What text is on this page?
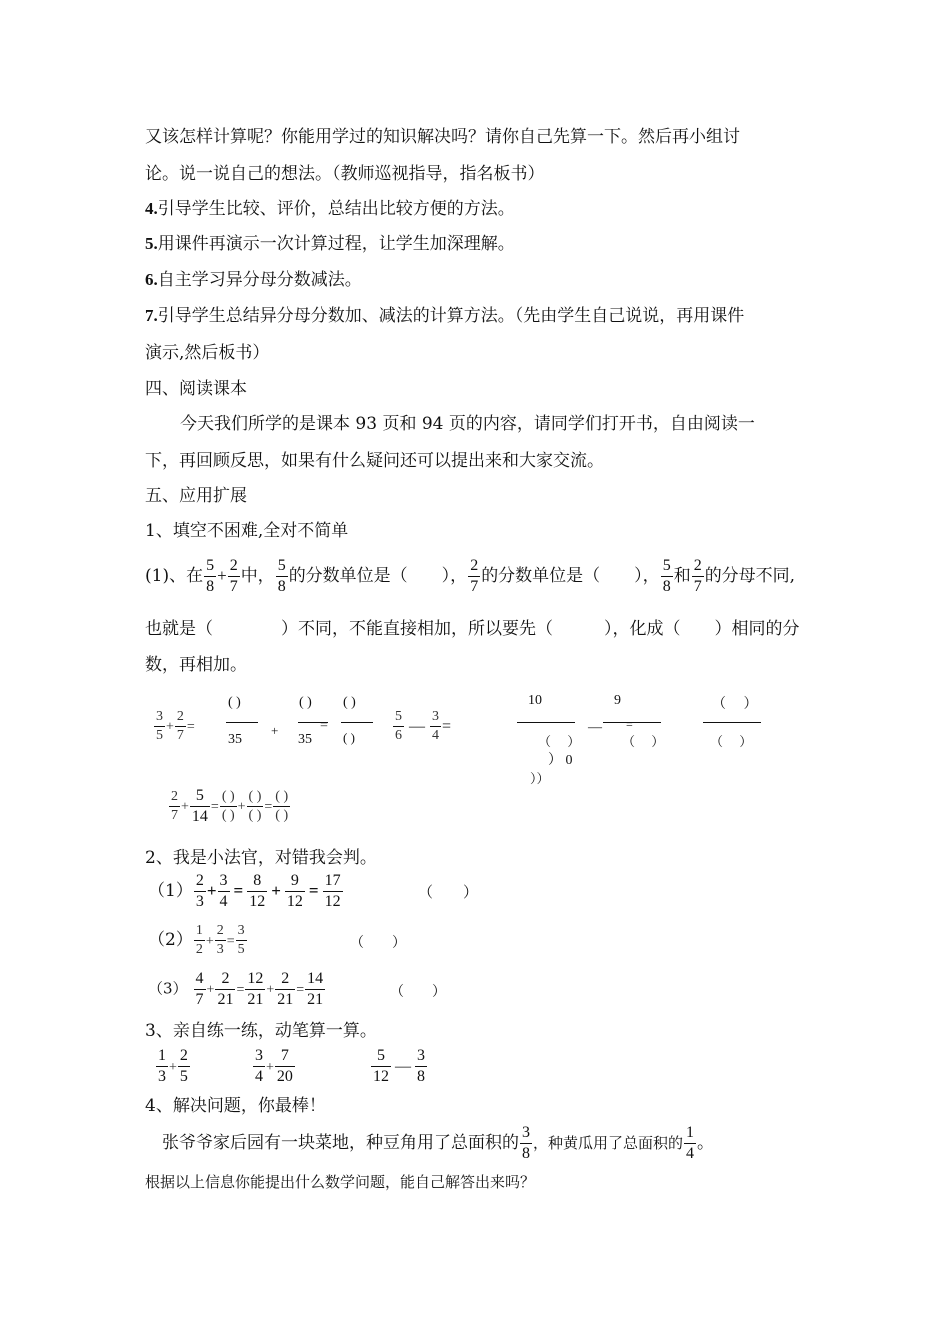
又该怎样计算呢？你能用学过的知识解决吗？请你自己先算一下。然后再小组讨
论。说一说自己的想法。（教师巡视指导，指名板书）
4.引导学生比较、评价，总结出比较方便的方法。
5.用课件再演示一次计算过程，让学生加深理解。
6.自主学习异分母分数减法。
7.引导学生总结异分母分数加、减法的计算方法。（先由学生自己说说，再用课件
演示,然后板书）
四、阅读课本
今天我们所学的是课本 93 页和 94 页的内容，请同学们打开书，自由阅读一
下，再回顾反思，如果有什么疑问还可以提出来和大家交流。
五、应用扩展
1、填空不困难,全对不简单
(1)、在 $\frac{5}{8} + \frac{2}{7}$ 中， $\frac{5}{8}$ 的分数单位是（　　）， $\frac{2}{7}$ 的分数单位是（　　）， $\frac{5}{8}$ 和 $\frac{2}{7}$ 的分母不同,
也就是（　　　　）不同，不能直接相加，所以要先（　　　），化成（　　）相同的分
数，再相加。
$\frac{3}{5} + \frac{2}{7}$ =
( )
35
+
( )
35
=
( )
( )	$\frac{5}{6}$ — $\frac{3}{4}$ =
10
（　 ）
） 0
））
—
9
=
（　 ）
（　 ）
（　 ）
$\frac{2}{7} + \frac{5}{14}$ =
( )
( )
+
( )
( )
=
( )
( )
2、我是小法官，对错我会判。
$(1) \frac{2}{3} + \frac{3}{4} = \frac{8}{12} + \frac{9}{12} = \frac{17}{12}$	（　　）
$(2) \frac{1}{2} + \frac{2}{3} = \frac{3}{5}$	（　　）
$(3) \frac{4}{7} + \frac{2}{21} = \frac{12}{21} + \frac{2}{21} = \frac{14}{21}$	（　　）
3、亲自练一练，动笔算一算。
$\frac{1}{3} + \frac{2}{5}$	$\frac{3}{4} + \frac{7}{20}$	$\frac{5}{12}$ — $\frac{3}{8}$
4、解决问题，你最棒！
张爷爷家后园有一块菜地，种豆角用了总面积的 $\frac{3}{8}$ ，种黄瓜用了总面积的 $\frac{1}{4}$ 。
根据以上信息你能提出什么数学问题，能自己解答出来吗？
